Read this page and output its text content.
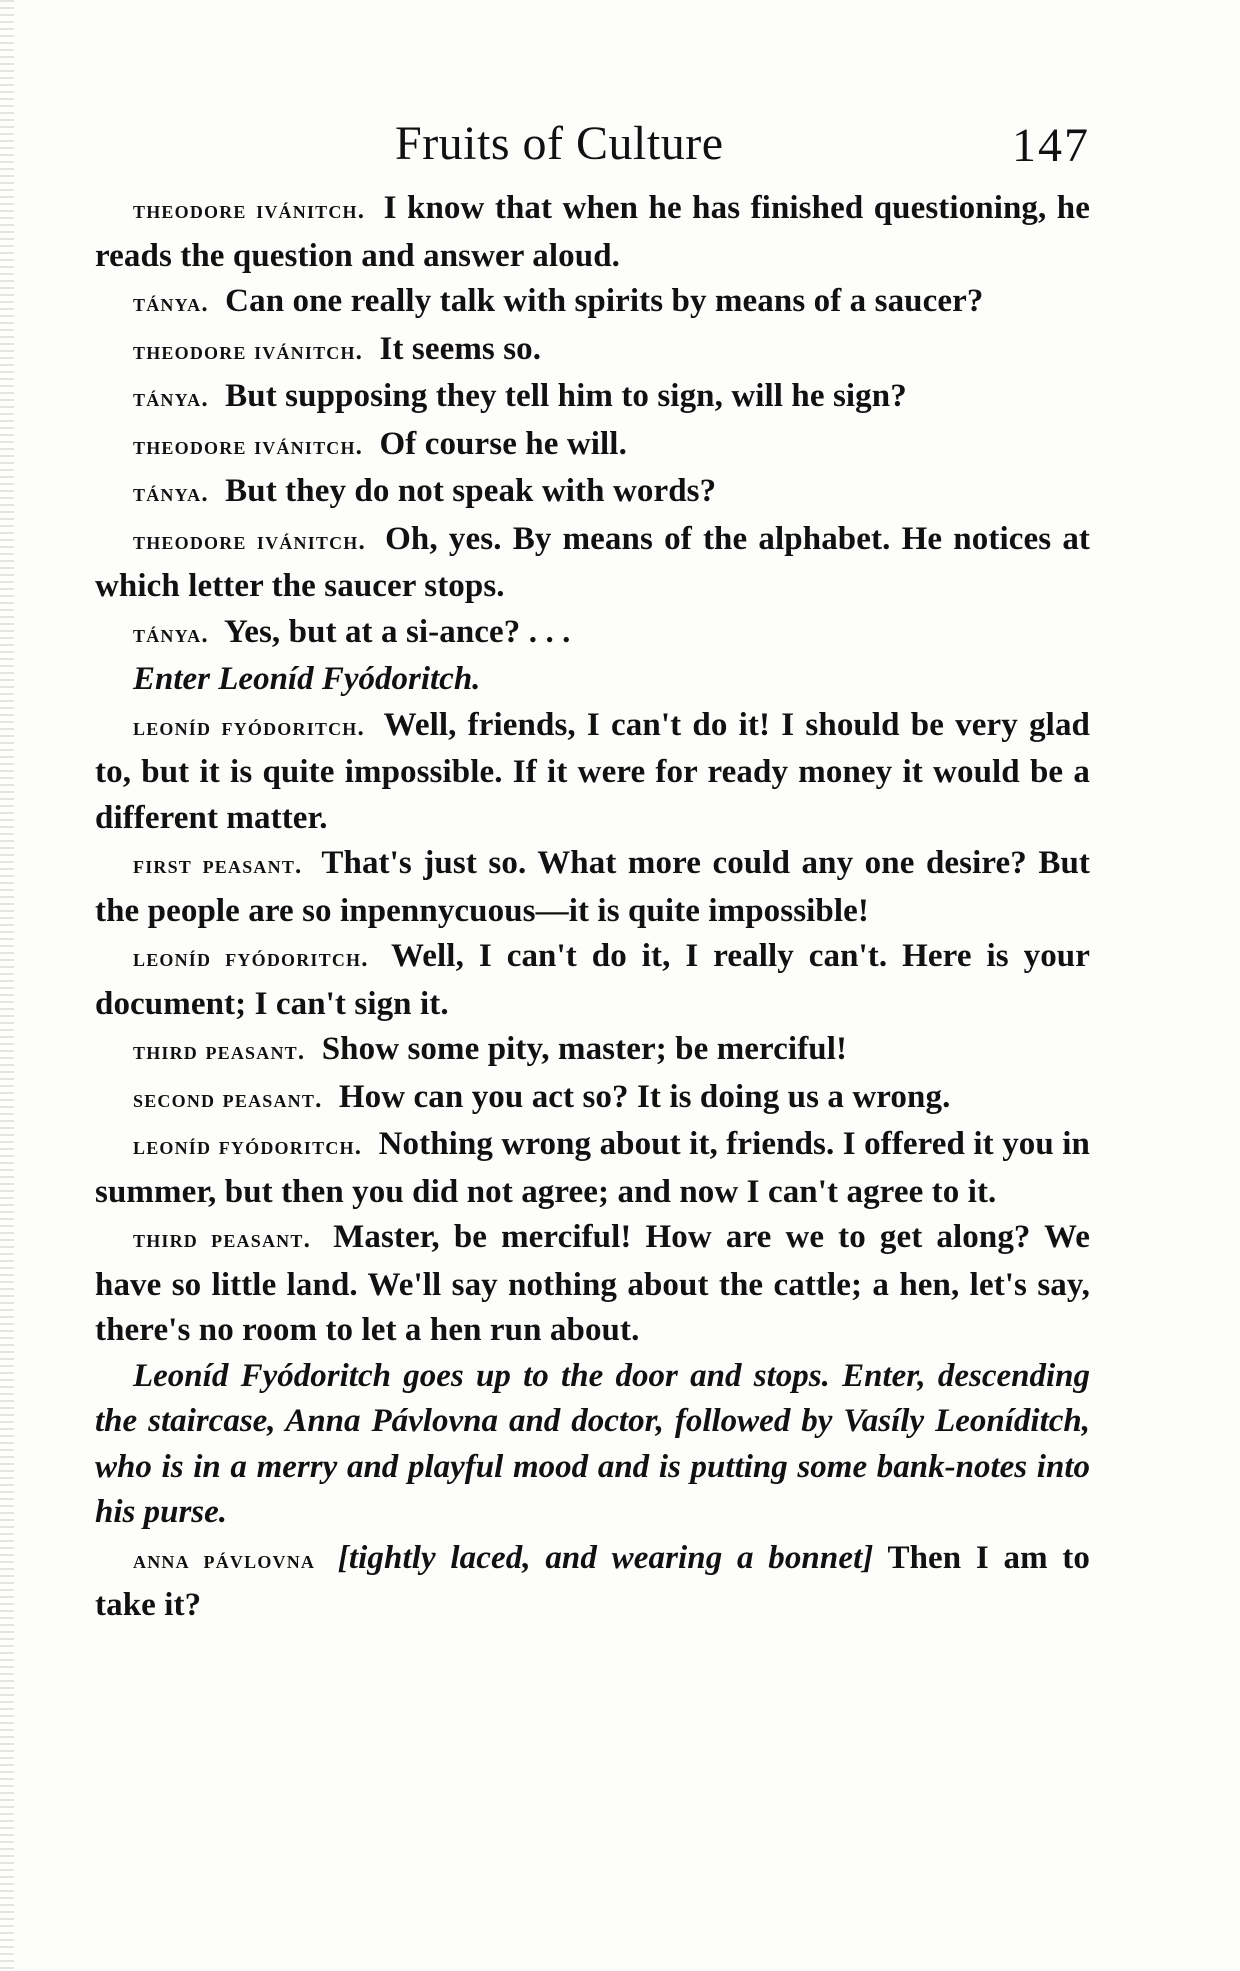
Fruits of Culture	147

theodore ivánitch. I know that when he has finished questioning, he reads the question and answer aloud.

tánya. Can one really talk with spirits by means of a saucer?

theodore ivánitch. It seems so.

tánya. But supposing they tell him to sign, will he sign?

theodore ivánitch. Of course he will.

tánya. But they do not speak with words?

theodore ivánitch. Oh, yes. By means of the alphabet. He notices at which letter the saucer stops.

tánya. Yes, but at a si-ance? . . .

Enter Leoníd Fyódoritch.

leoníd fyódoritch. Well, friends, I can't do it! I should be very glad to, but it is quite impossible. If it were for ready money it would be a different matter.

first peasant. That's just so. What more could any one desire? But the people are so inpennycuous—it is quite impossible!

leoníd fyódoritch. Well, I can't do it, I really can't. Here is your document; I can't sign it.

third peasant. Show some pity, master; be merciful!

second peasant. How can you act so? It is doing us a wrong.

leoníd fyódoritch. Nothing wrong about it, friends. I offered it you in summer, but then you did not agree; and now I can't agree to it.

third peasant. Master, be merciful! How are we to get along? We have so little land. We'll say nothing about the cattle; a hen, let's say, there's no room to let a hen run about.

Leoníd Fyódoritch goes up to the door and stops. Enter, descending the staircase, Anna Pávlovna and doctor, followed by Vasíly Leoníditch, who is in a merry and playful mood and is putting some bank-notes into his purse.

anna pávlovna [tightly laced, and wearing a bonnet] Then I am to take it?
